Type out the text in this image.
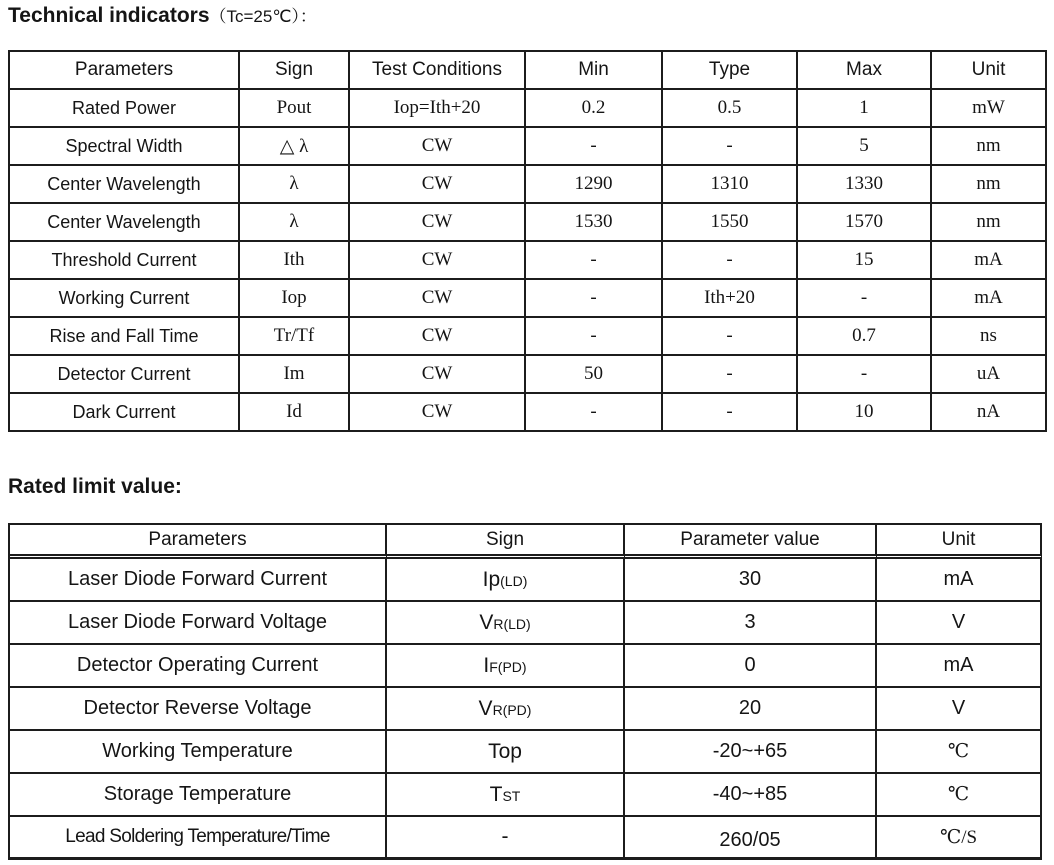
Technical indicators（Tc=25℃）：
Parameters	Sign	Test Conditions	Min	Type	Max	Unit
Rated Power	Pout	Iop=Ith+20	0.2	0.5	1	mW
Spectral Width	△ λ	CW	-	-	5	nm
Center Wavelength	λ	CW	1290	1310	1330	nm
Center Wavelength	λ	CW	1530	1550	1570	nm
Threshold Current	Ith	CW	-	-	15	mA
Working Current	Iop	CW	-	Ith+20	-	mA
Rise and Fall Time	Tr/Tf	CW	-	-	0.7	ns
Detector Current	Im	CW	50	-	-	uA
Dark Current	Id	CW	-	-	10	nA
Rated limit value:
Parameters	Sign	Parameter value	Unit
Laser Diode Forward Current	Ip(LD)	30	mA
Laser Diode Forward Voltage	VR(LD)	3	V
Detector Operating Current	IF(PD)	0	mA
Detector Reverse Voltage	VR(PD)	20	V
Working Temperature	Top	-20~+65	℃
Storage Temperature	TST	-40~+85	℃
Lead Soldering Temperature/Time	-	260/05	℃/S
